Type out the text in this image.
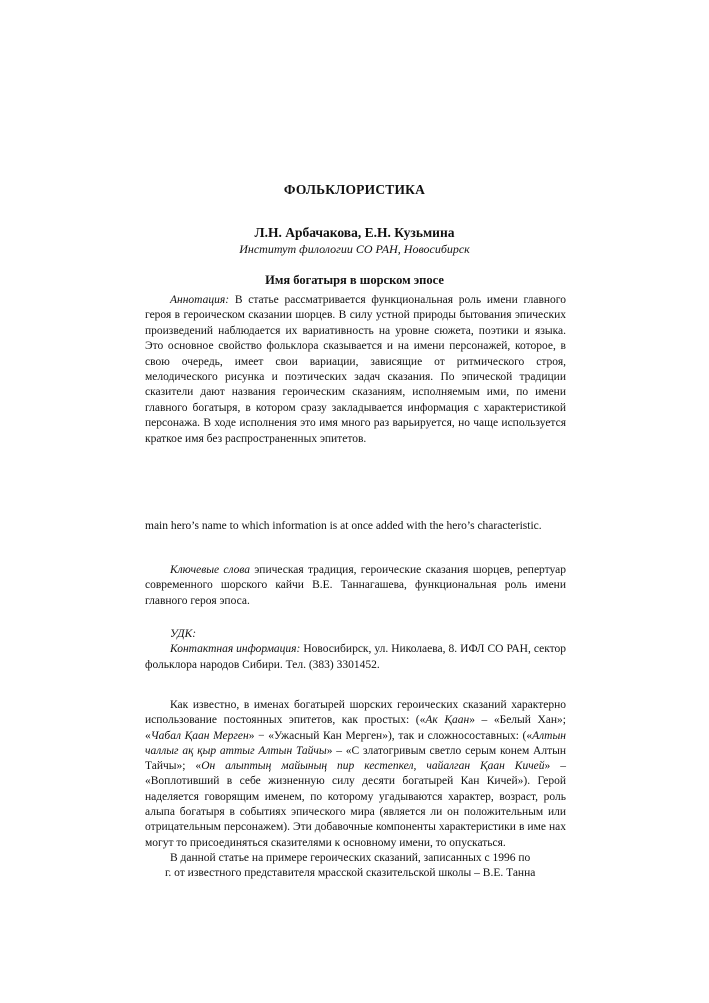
ФОЛЬКЛОРИСТИКА
Л.Н. Арбачакова, Е.Н. Кузьмина
Институт филологии СО РАН, Новосибирск
Имя богатыря в шорском эпосе

Аннотация: В статье рассматривается функциональная роль имени главного героя в героическом сказании шорцев. В силу устной природы бытования эпических произведений наблюдается их вариативность на уровне сюжета, поэтики и языка. Это основное свойство фольклора сказывается и на имени персонажей, которое, в свою очередь, имеет свои вариации, зависящие от ритмического строя, мелодического рисунка и поэтических задач сказания. По эпической традиции сказители дают названия героическим сказаниям, исполняемым ими, по имени главного богатыря, в котором сразу закладывается информация с характеристикой персонажа. В ходе исполнения это имя много раз варьируется, но чаще используется краткое имя без распространенных эпитетов.

main hero’s name to which information is at once added with the hero’s characteristic.

Ключевые слова эпическая традиция, героические сказания шорцев, репертуар современного шорского кайчи В.Е. Таннагашева, функциональная роль имени главного героя эпоса.

УДК:

Контактная информация: Новосибирск, ул. Николаева, 8. ИФЛ СО РАН, сектор фольклора народов Сибири. Тел. (383) 3301452.

Как известно, в именах богатырей шорских героических сказаний характерно использование постоянных эпитетов, как простых: («Ак Қаан» – «Белый Хан»; «Чабал Қаан Мерген» − «Ужасный Кан Мерген»), так и сложносоставных: («Алтын чаллыг ақ қыр аттыг Алтын Тайчы» – «С златогривым светло серым конем Алтын Тайчы»; «Он алыптың майының пир кестепкел, чайалган Қаан Кичей» – «Воплотивший в себе жизненную силу десяти богатырей Кан Кичей»). Герой наделяется говорящим именем, по которому угадываются характер, возраст, роль алыпа богатыря в событиях эпического мира (является ли он положительным или отрицательным персонажем). Эти добавочные компоненты характеристики в име нах могут то присоединяться сказителями к основному имени, то опускаться.

В данной статье на примере героических сказаний, записанных с 1996 по

г. от известного представителя мрасской сказительской школы – В.Е. Танна
